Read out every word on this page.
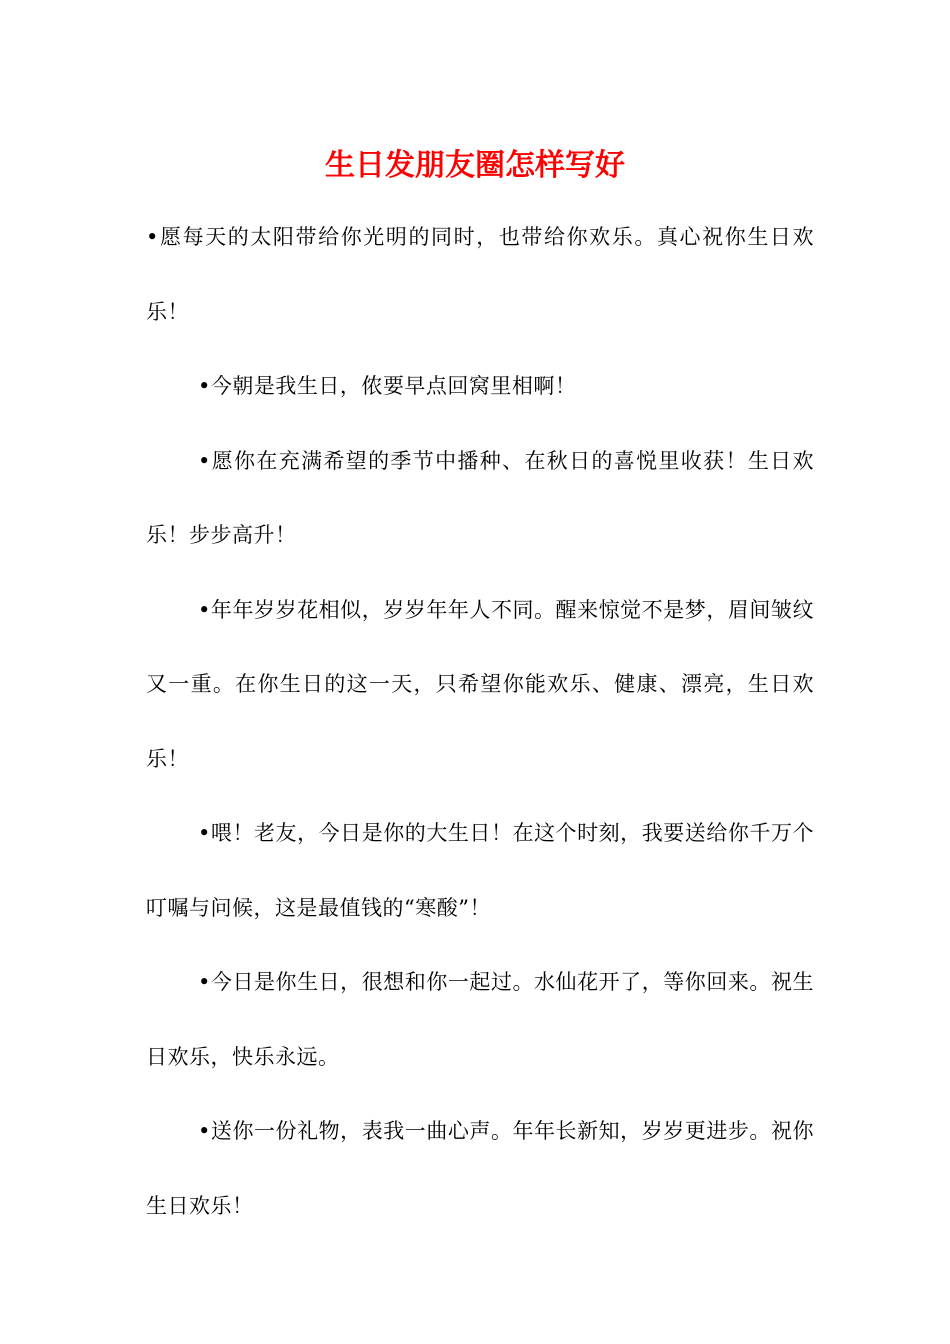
生日发朋友圈怎样写好

•愿每天的太阳带给你光明的同时，也带给你欢乐。真心祝你生日欢乐！

•今朝是我生日，侬要早点回窝里相啊！

•愿你在充满希望的季节中播种、在秋日的喜悦里收获！生日欢乐！步步高升！

•年年岁岁花相似，岁岁年年人不同。醒来惊觉不是梦，眉间皱纹又一重。在你生日的这一天，只希望你能欢乐、健康、漂亮，生日欢乐！

•喂！老友，今日是你的大生日！在这个时刻，我要送给你千万个叮嘱与问候，这是最值钱的“寒酸”！

•今日是你生日，很想和你一起过。水仙花开了，等你回来。祝生日欢乐，快乐永远。

•送你一份礼物，表我一曲心声。年年长新知，岁岁更进步。祝你生日欢乐！
